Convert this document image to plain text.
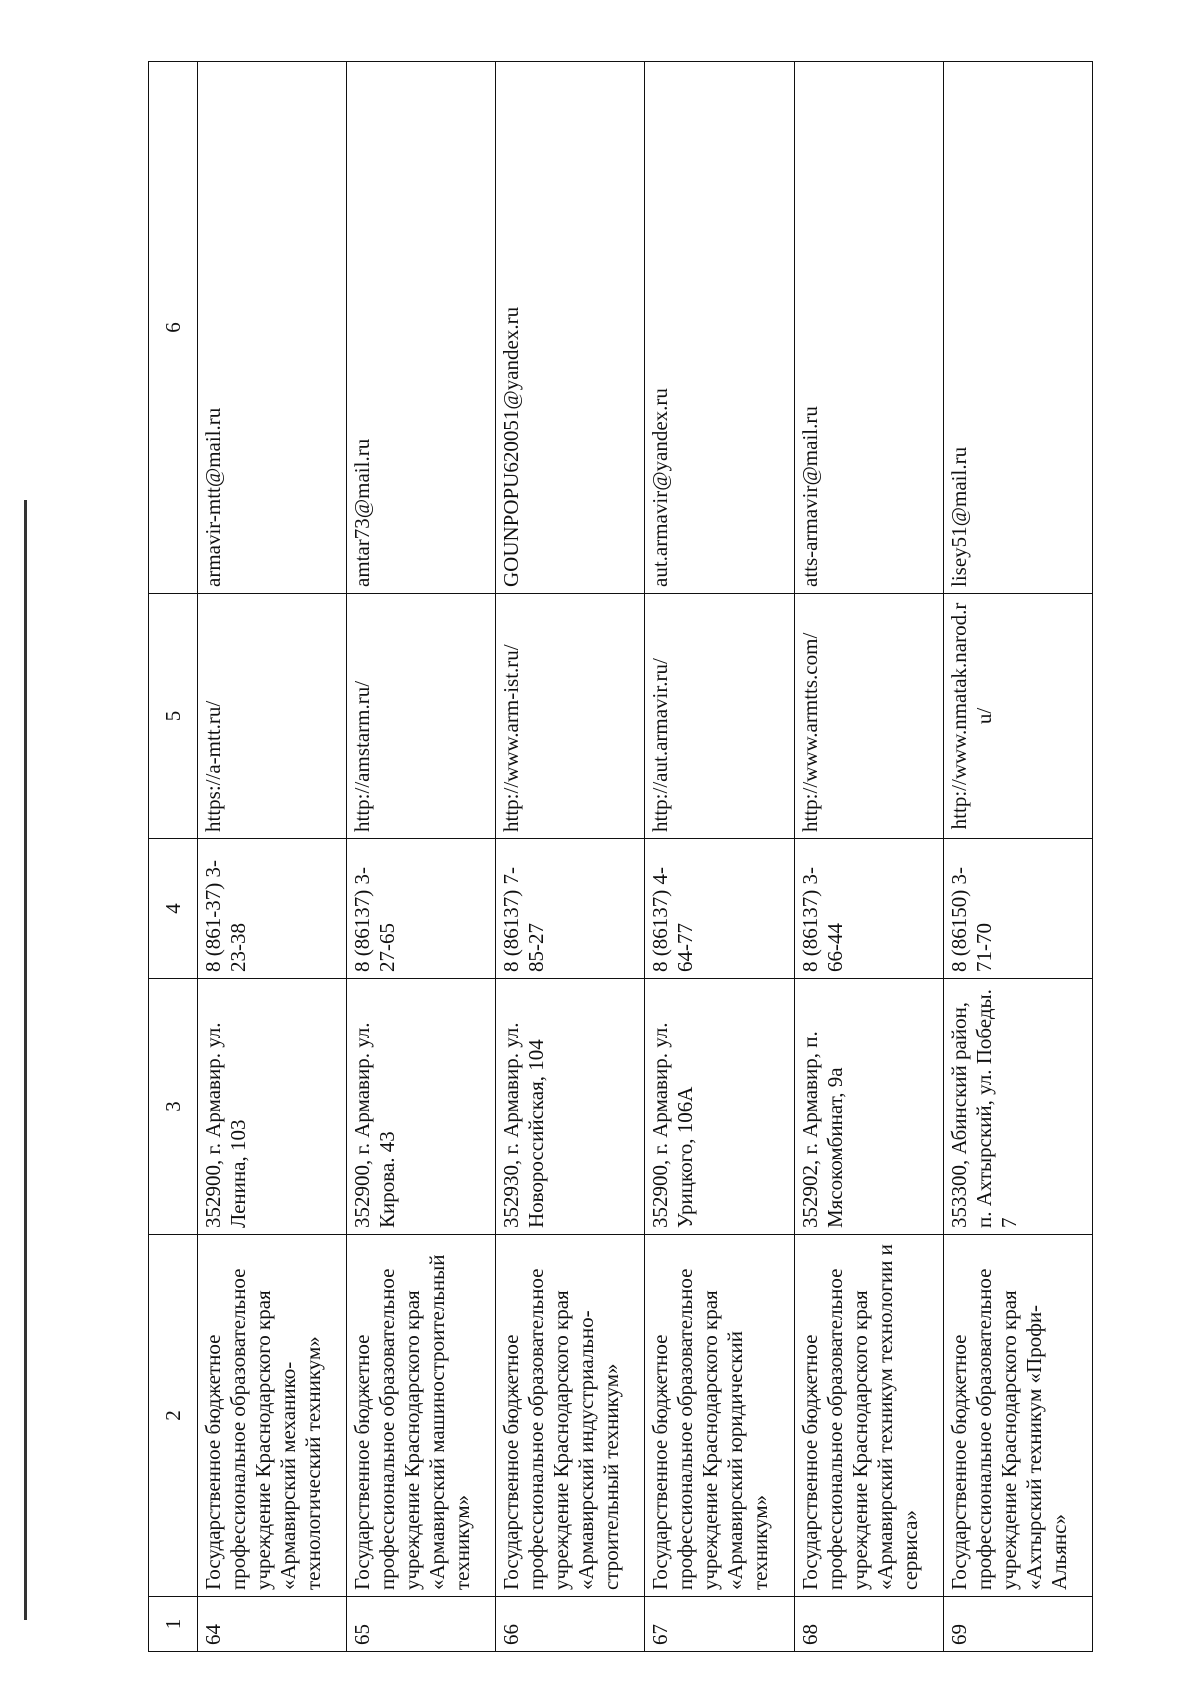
1	2	3	4	5	6
64	Государственное бюджетное профессиональное образовательное учреждение Краснодарского края «Армавирский механико-технологический техникум»	352900, г. Армавир. ул. Ленина, 103	8 (861-37) 3-23-38	https://a-mtt.ru/	armavir-mtt@mail.ru
65	Государственное бюджетное профессиональное образовательное учреждение Краснодарского края «Армавирский машиностроительный техникум»	352900, г. Армавир. ул. Кирова. 43	8 (86137) 3-27-65	http://amstarm.ru/	amtar73@mail.ru
66	Государственное бюджетное профессиональное образовательное учреждение Краснодарского края «Армавирский индустриально-строительный техникум»	352930, г. Армавир. ул. Новороссийская, 104	8 (86137) 7-85-27	http://www.arm-ist.ru/	GOUNPOPU620051@yandex.ru
67	Государственное бюджетное профессиональное образовательное учреждение Краснодарского края «Армавирский юридический техникум»	352900, г. Армавир. ул. Урицкого, 106А	8 (86137) 4-64-77	http://aut.armavir.ru/	aut.armavir@yandex.ru
68	Государственное бюджетное профессиональное образовательное учреждение Краснодарского края «Армавирский техникум технологии и сервиса»	352902, г. Армавир, п. Мясокомбинат, 9а	8 (86137) 3-66-44	http://www.armtts.com/	atts-armavir@mail.ru
69	Государственное бюджетное профессиональное образовательное учреждение Краснодарского края «Ахтырский техникум «Профи-Альянс»	353300, Абинский район, п. Ахтырский, ул. Победы. 7	8 (86150) 3-71-70	http://www.nmatak.narod.ru/	lisey51@mail.ru
